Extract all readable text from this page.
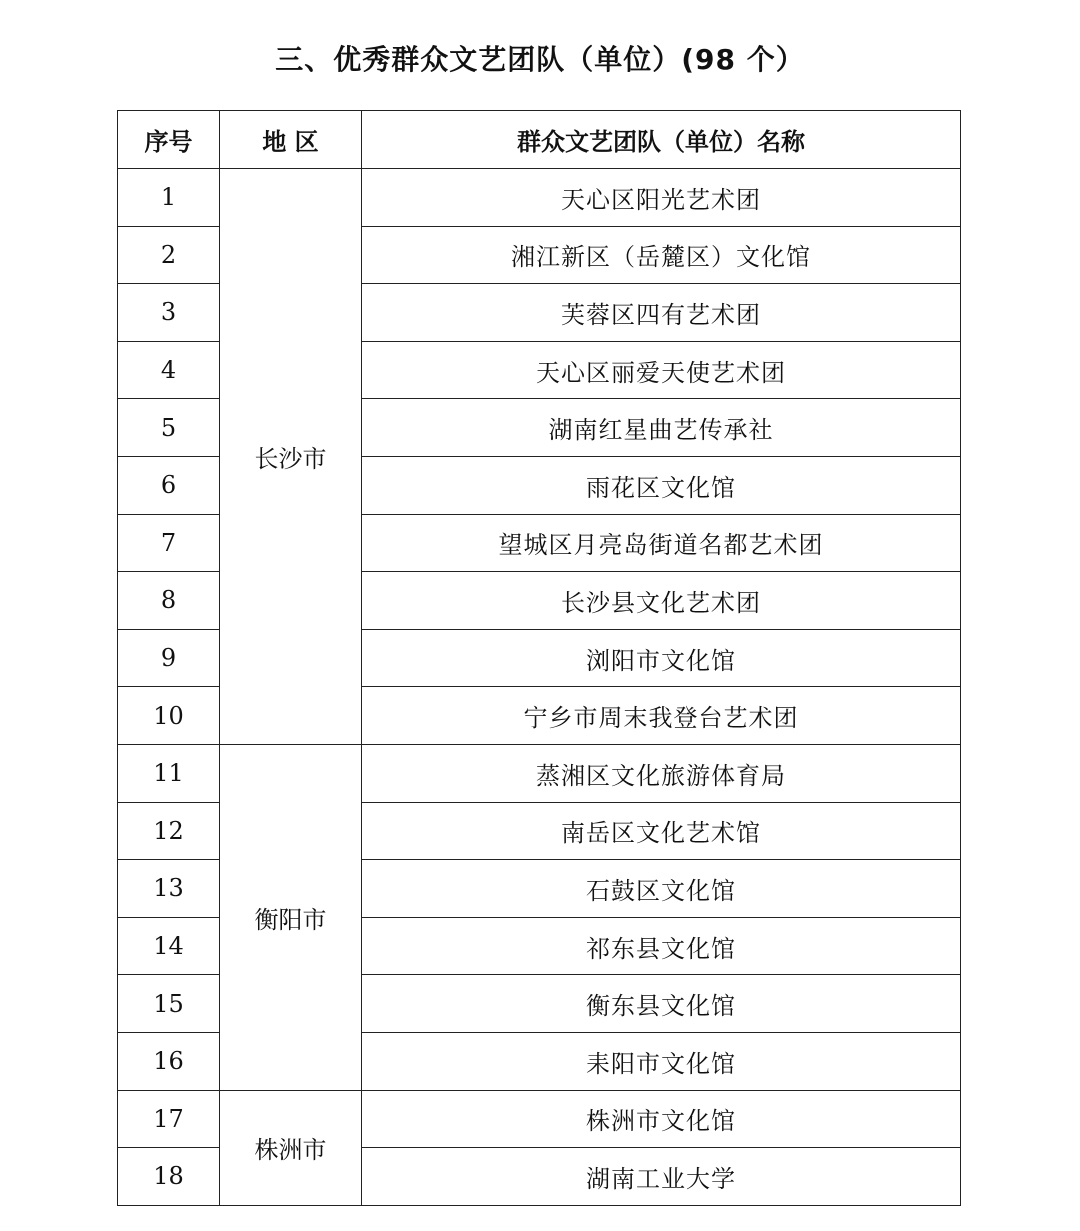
三、优秀群众文艺团队（单位）(98 个）
序号	地 区	群众文艺团队（单位）名称
1	长沙市	天心区阳光艺术团
2		湘江新区（岳麓区）文化馆
3		芙蓉区四有艺术团
4		天心区丽爱天使艺术团
5		湖南红星曲艺传承社
6		雨花区文化馆
7		望城区月亮岛街道名都艺术团
8		长沙县文化艺术团
9		浏阳市文化馆
10		宁乡市周末我登台艺术团
11	衡阳市	蒸湘区文化旅游体育局
12		南岳区文化艺术馆
13		石鼓区文化馆
14		祁东县文化馆
15		衡东县文化馆
16		耒阳市文化馆
17	株洲市	株洲市文化馆
18		湖南工业大学
